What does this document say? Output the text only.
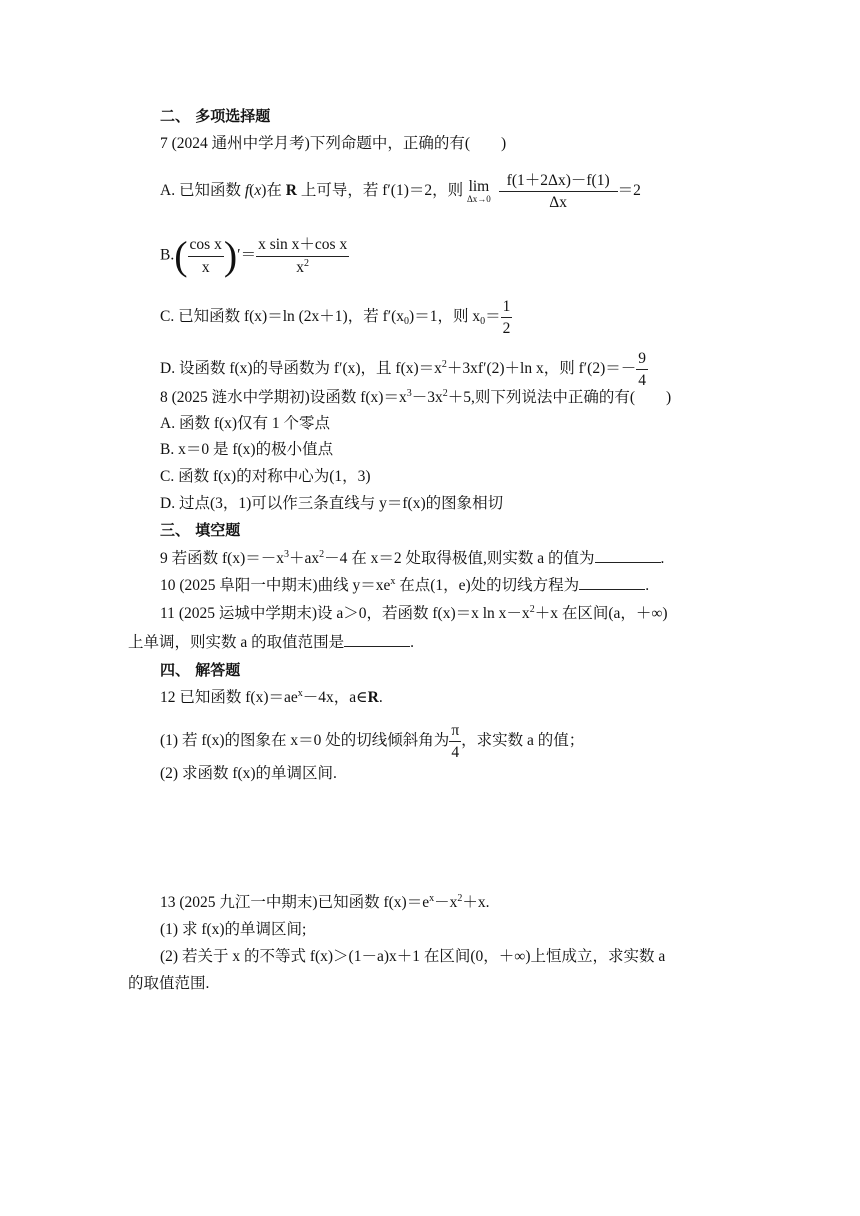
二、 多项选择题
7 (2024 通州中学月考)下列命题中，正确的有(　　)
A. 已知函数 f(x)在 R 上可导，若 f′(1)＝2，则 lim
Δx→0
$\frac{f(1+2\Delta x)-f(1)}{\Delta x} =2$
$B.( \frac{\text{cos x}}{x}$ )′＝ $\frac{\text{x sin x＋cos x}}{x^2}$
C. 已知函数 f(x)＝ln (2x＋1)，若 $f'(x_0)=1$，则 $x_0= \frac{1}{2}$
D. 设函数 f(x)的导函数为 f′(x)，且 $f(x)=x^2+3xf'(2)+\ln$ x，则 $f'(2)=- \frac{9}{4}$
8 (2025 涟水中学期初)设函数 $f(x)=x^3-3x^2+5$,则下列说法中正确的有(　　)
A. 函数 f(x)仅有 1 个零点
B. x＝0 是 f(x)的极小值点
C. 函数 f(x)的对称中心为(1，3)
D. 过点(3，1)可以作三条直线与 y＝f(x)的图象相切
三、 填空题
9 若函数 $f(x)=-x^3+ax^2-4$ 在 x＝2 处取得极值,则实数 a 的值为	.
10 (2025 阜阳一中期末)曲线 $y=xe^x$ 在点(1，e)处的切线方程为	.
11 (2025 运城中学期末)设 a＞0，若函数 f(x)＝x $\ln x-x^2+x$ 在区间(a，＋∞)
上单调，则实数 a 的取值范围是	.
四、 解答题
12 已知函数 $f(x)=ae^x-4x$，a∈R.
(1) 若 f(x)的图象在 x＝0 处的切线倾斜角为 $\frac{\pi}{4}$ ，求实数 a 的值；
(2) 求函数 f(x)的单调区间.
13 (2025 九江一中期末)已知函数 $f(x)=e^x-x^2+x$.
(1) 求 f(x)的单调区间;
(2) 若关于 x 的不等式 f(x)＞(1－a)x＋1 在区间(0，＋∞)上恒成立，求实数 a
的取值范围.
